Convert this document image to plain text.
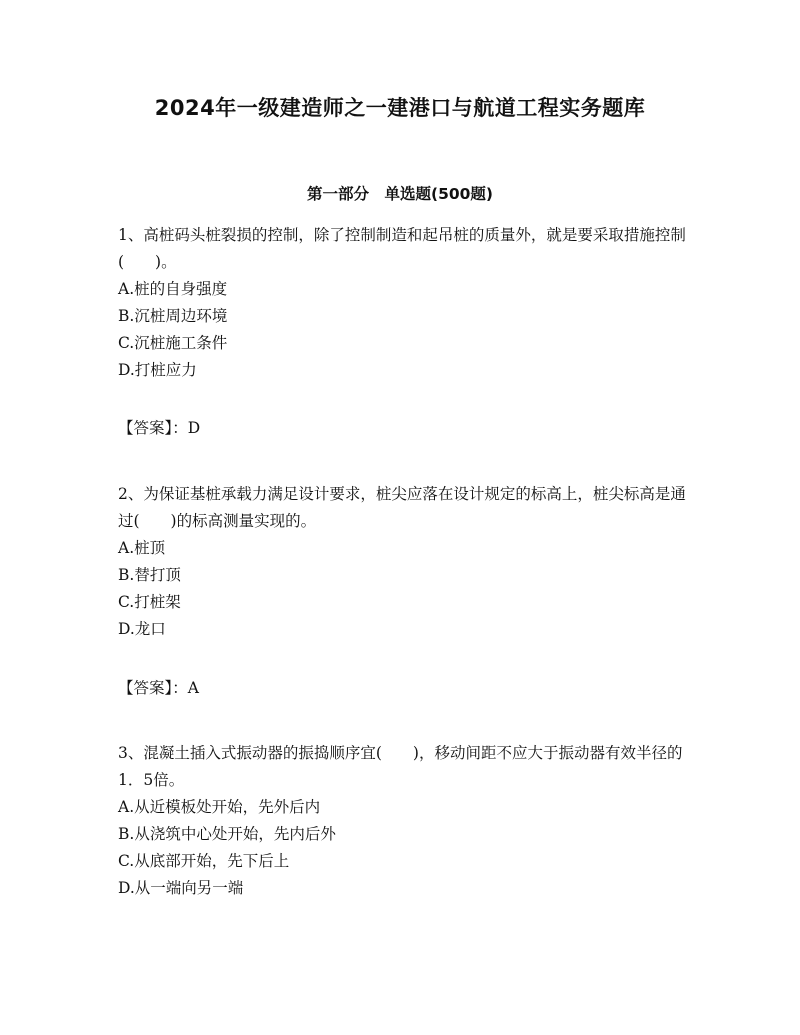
2024年一级建造师之一建港口与航道工程实务题库
第一部分　单选题(500题)

1、高桩码头桩裂损的控制，除了控制制造和起吊桩的质量外，就是要采取措施控制(　　)。

A.桩的自身强度

B.沉桩周边环境

C.沉桩施工条件

D.打桩应力

【答案】：D

2、为保证基桩承载力满足设计要求，桩尖应落在设计规定的标高上，桩尖标高是通过(　　)的标高测量实现的。

A.桩顶

B.替打顶

C.打桩架

D.龙口

【答案】：A

3、混凝土插入式振动器的振捣顺序宜(　　)，移动间距不应大于振动器有效半径的1．5倍。

A.从近模板处开始，先外后内

B.从浇筑中心处开始，先内后外

C.从底部开始，先下后上

D.从一端向另一端
